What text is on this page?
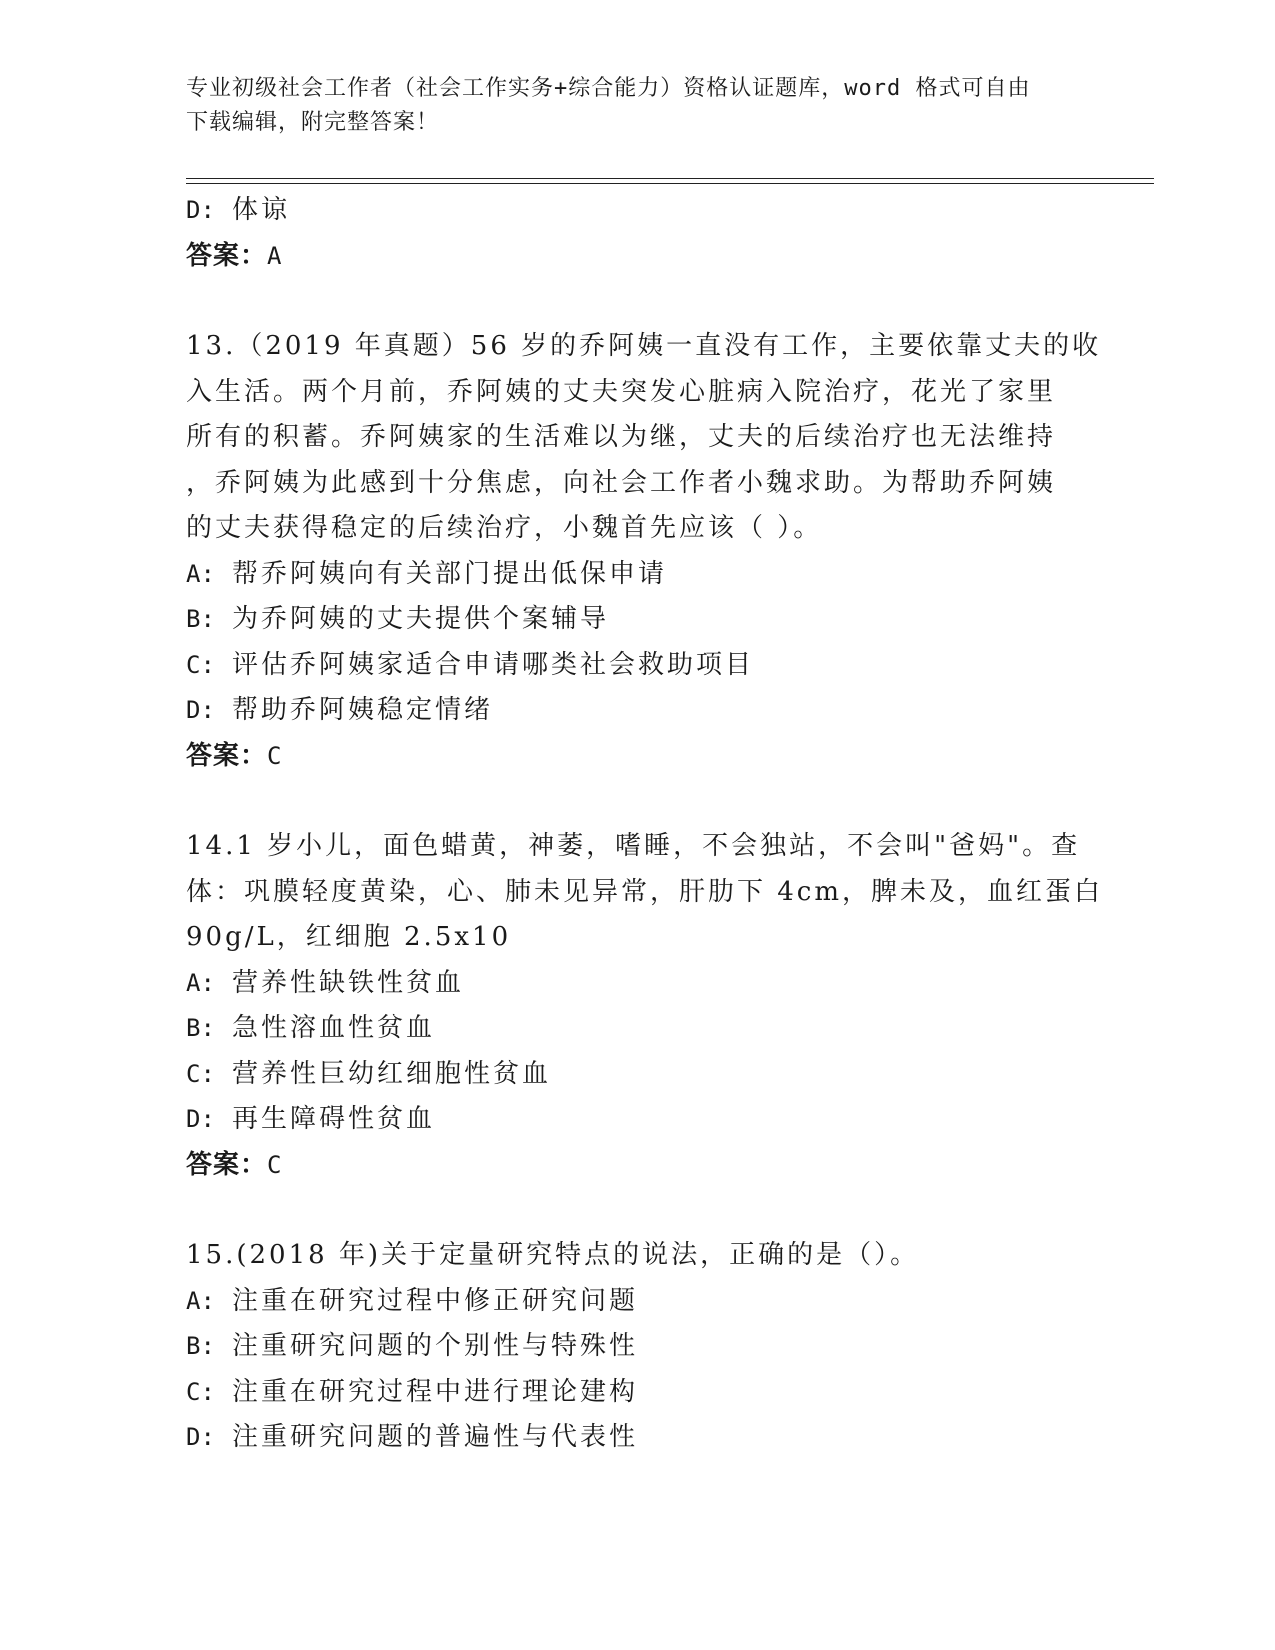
专业初级社会工作者（社会工作实务+综合能力）资格认证题库，word 格式可自由
下载编辑，附完整答案！
D: 体谅
答案：A
13.（2019 年真题）56 岁的乔阿姨一直没有工作，主要依靠丈夫的收
入生活。两个月前，乔阿姨的丈夫突发心脏病入院治疗，花光了家里
所有的积蓄。乔阿姨家的生活难以为继，丈夫的后续治疗也无法维持
，乔阿姨为此感到十分焦虑，向社会工作者小魏求助。为帮助乔阿姨
的丈夫获得稳定的后续治疗，小魏首先应该（ ）。
A: 帮乔阿姨向有关部门提出低保申请
B: 为乔阿姨的丈夫提供个案辅导
C: 评估乔阿姨家适合申请哪类社会救助项目
D: 帮助乔阿姨稳定情绪
答案：C
14.1 岁小儿，面色蜡黄，神萎，嗜睡，不会独站，不会叫"爸妈"。查
体：巩膜轻度黄染，心、肺未见异常，肝肋下 4cm，脾未及，血红蛋白
90g/L，红细胞 2.5x10
A: 营养性缺铁性贫血
B: 急性溶血性贫血
C: 营养性巨幼红细胞性贫血
D: 再生障碍性贫血
答案：C
15.(2018 年)关于定量研究特点的说法，正确的是（）。
A: 注重在研究过程中修正研究问题
B: 注重研究问题的个别性与特殊性
C: 注重在研究过程中进行理论建构
D: 注重研究问题的普遍性与代表性
